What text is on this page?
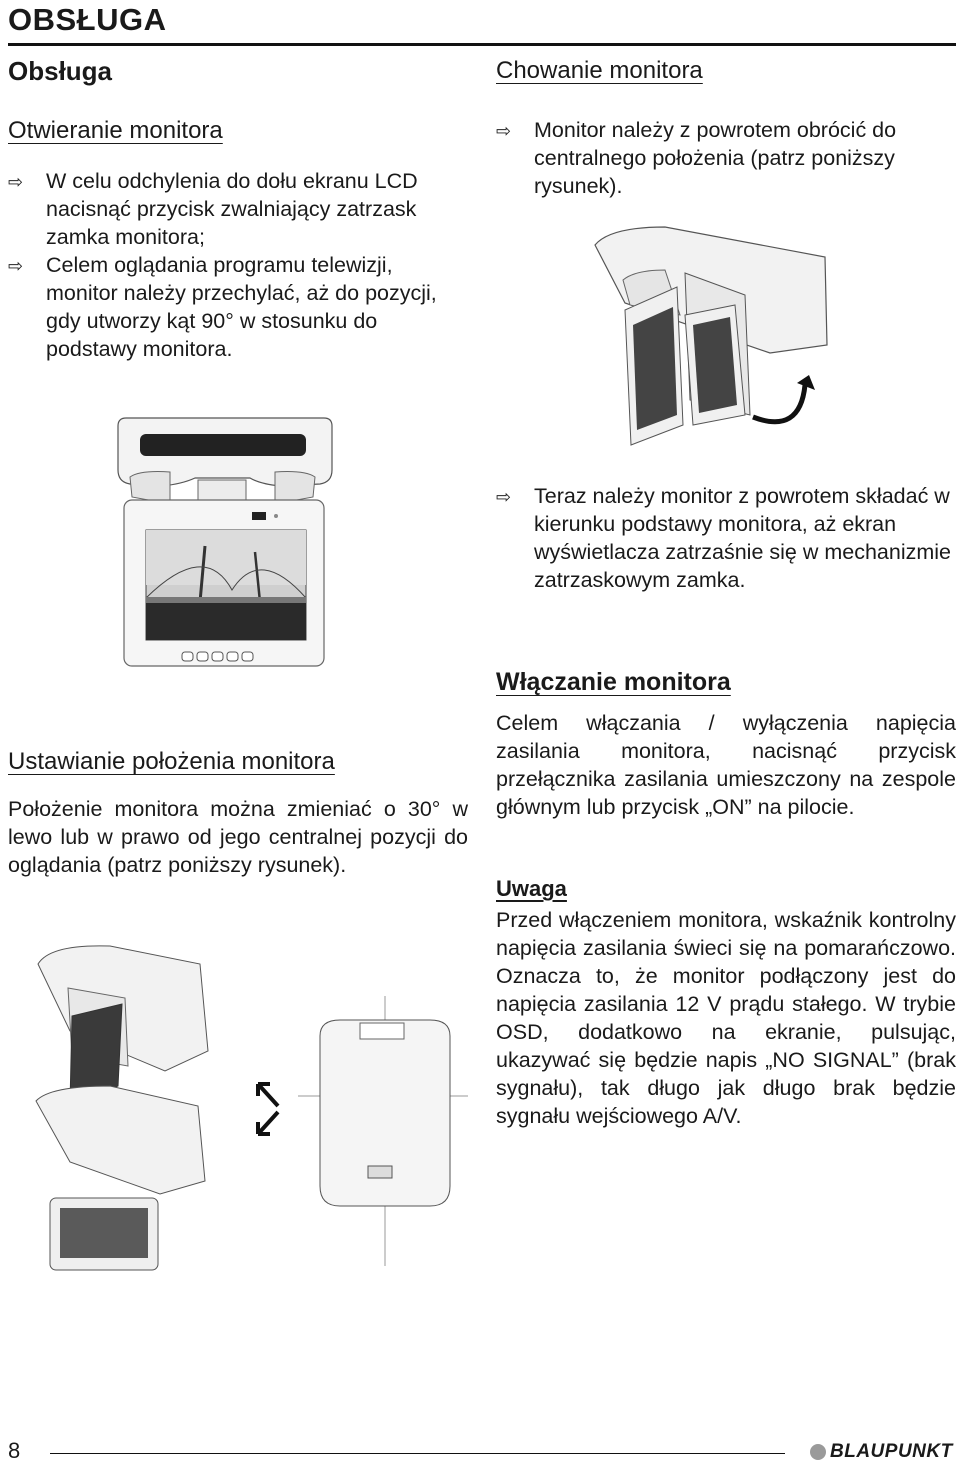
OBSŁUGA
Obsługa
Otwieranie monitora
⇨	W celu odchylenia do dołu ekranu LCD nacisnąć przycisk zwalniający zatrzask zamka monitora;
⇨	Celem oglądania programu telewizji, monitor należy przechylać, aż do pozycji, gdy utworzy kąt 90° w stosunku do podstawy monitora.
Ustawianie położenia monitora

Położenie monitora można zmieniać o 30° w lewo lub w prawo od jego centralnej pozycji do oglądania (patrz poniższy rysunek).

Chowanie monitora
⇨	Monitor należy z powrotem obrócić do centralnego położenia (patrz poniższy rysunek).
⇨	Teraz należy monitor z powrotem składać w kierunku podstawy monitora, aż ekran wyświetlacza zatrzaśnie się w mechanizmie zatrzaskowym zamka.
Włączanie monitora

Celem włączania / wyłączenia napięcia zasilania monitora, nacisnąć przycisk przełącznika zasilania umieszczony na zespole głównym lub przycisk „ON” na pilocie.

Uwaga

Przed włączeniem monitora, wskaźnik kontrolny napięcia zasilania świeci się na pomarańczowo. Oznacza to, że monitor podłączony jest do napięcia zasilania 12 V prądu stałego. W trybie OSD, dodatkowo na ekranie, pulsując, ukazywać się będzie napis „NO SIGNAL” (brak sygnału), tak długo jak długo brak będzie sygnału wejściowego A/V.

8	BLAUPUNKT
